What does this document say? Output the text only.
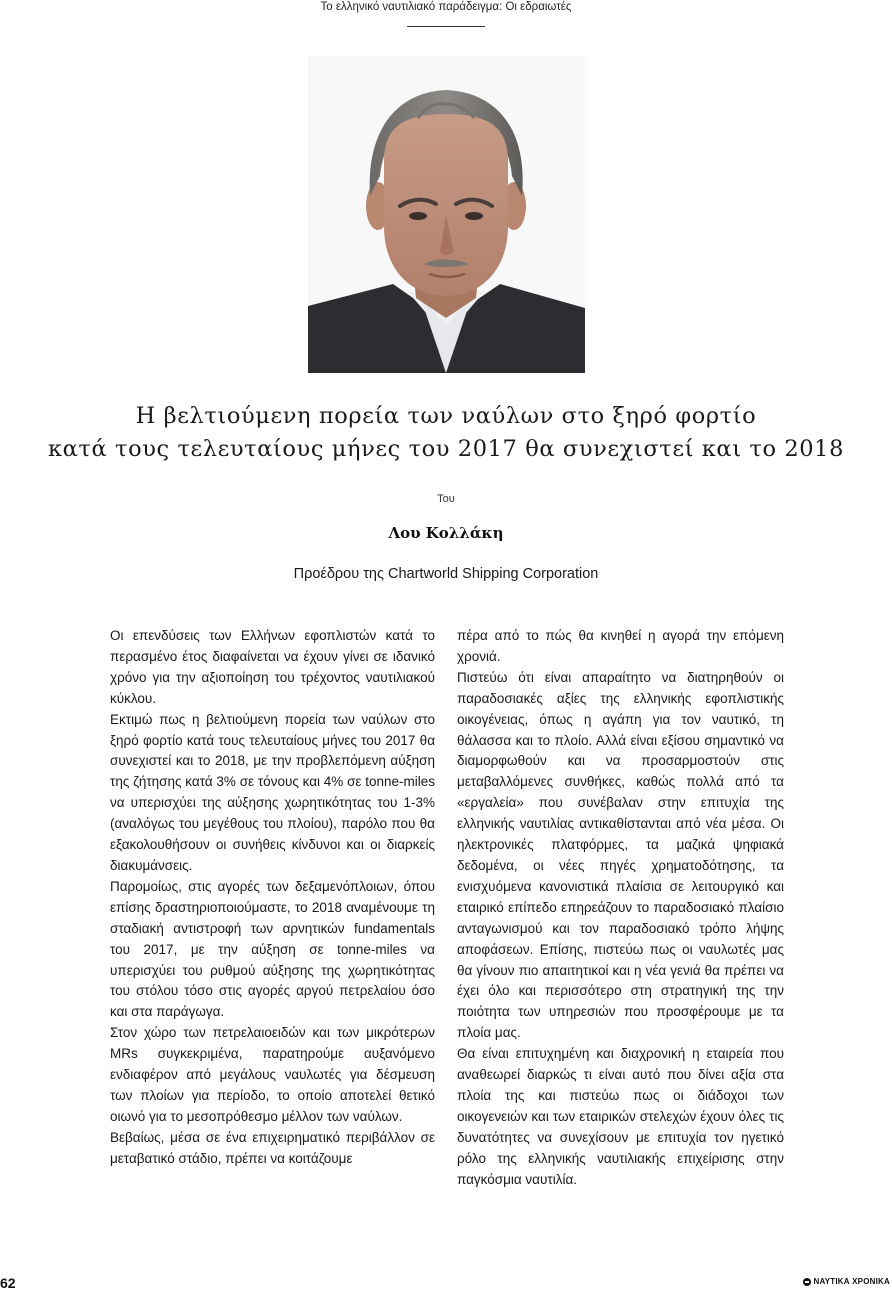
Το ελληνικό ναυτιλιακό παράδειγμα: Οι εδραιωτές
Η βελτιούμενη πορεία των ναύλων στο ξηρό φορτίο
κατά τους τελευταίους μήνες του 2017 θα συνεχιστεί και το 2018
Του
Λου Κολλάκη
Προέδρου της Chartworld Shipping Corporation

Οι επενδύσεις των Ελλήνων εφοπλιστών κατά το περασμένο έτος διαφαίνεται να έχουν γίνει σε ιδανικό χρόνο για την αξιοποίηση του τρέχοντος ναυτιλιακού κύκλου.

Εκτιμώ πως η βελτιούμενη πορεία των ναύλων στο ξηρό φορτίο κατά τους τελευταίους μήνες του 2017 θα συνεχιστεί και το 2018, με την προβλεπόμενη αύξηση της ζήτησης κατά 3% σε τόνους και 4% σε tonne-miles να υπερισχύει της αύξησης χωρητικότητας του 1-3% (αναλόγως του μεγέθους του πλοίου), παρόλο που θα εξακολουθήσουν οι συνήθεις κίνδυνοι και οι διαρκείς διακυμάνσεις.

Παρομοίως, στις αγορές των δεξαμενόπλοιων, όπου επίσης δραστηριοποιούμαστε, το 2018 αναμένουμε τη σταδιακή αντιστροφή των αρνητικών fundamentals του 2017, με την αύξηση σε tonne-miles να υπερισχύει του ρυθμού αύξησης της χωρητικότητας του στόλου τόσο στις αγορές αργού πετρελαίου όσο και στα παράγωγα.

Στον χώρο των πετρελαιοειδών και των μικρότερων MRs συγκεκριμένα, παρατηρούμε αυξανόμενο ενδιαφέρον από μεγάλους ναυλωτές για δέσμευση των πλοίων για περίοδο, το οποίο αποτελεί θετικό οιωνό για το μεσοπρόθεσμο μέλλον των ναύλων.

Βεβαίως, μέσα σε ένα επιχειρηματικό περιβάλλον σε μεταβατικό στάδιο, πρέπει να κοιτάζουμε

πέρα από το πώς θα κινηθεί η αγορά την επόμενη χρονιά.

Πιστεύω ότι είναι απαραίτητο να διατηρηθούν οι παραδοσιακές αξίες της ελληνικής εφοπλιστικής οικογένειας, όπως η αγάπη για τον ναυτικό, τη θάλασσα και το πλοίο. Αλλά είναι εξίσου σημαντικό να διαμορφωθούν και να προσαρμοστούν στις μεταβαλλόμενες συνθήκες, καθώς πολλά από τα «εργαλεία» που συνέβαλαν στην επιτυχία της ελληνικής ναυτιλίας αντικαθίστανται από νέα μέσα. Οι ηλεκτρονικές πλατφόρμες, τα μαζικά ψηφιακά δεδομένα, οι νέες πηγές χρηματοδότησης, τα ενισχυόμενα κανονιστικά πλαίσια σε λειτουργικό και εταιρικό επίπεδο επηρεάζουν το παραδοσιακό πλαίσιο ανταγωνισμού και τον παραδοσιακό τρόπο λήψης αποφάσεων. Επίσης, πιστεύω πως οι ναυλωτές μας θα γίνουν πιο απαιτητικοί και η νέα γενιά θα πρέπει να έχει όλο και περισσότερο στη στρατηγική της την ποιότητα των υπηρεσιών που προσφέρουμε με τα πλοία μας.

Θα είναι επιτυχημένη και διαχρονική η εταιρεία που αναθεωρεί διαρκώς τι είναι αυτό που δίνει αξία στα πλοία της και πιστεύω πως οι διάδοχοι των οικογενειών και των εταιρικών στελεχών έχουν όλες τις δυνατότητες να συνεχίσουν με επιτυχία τον ηγετικό ρόλο της ελληνικής ναυτιλιακής επιχείρισης στην παγκόσμια ναυτιλία.

62	ΝΑΥΤΙΚΑ ΧΡΟΝΙΚΑ
